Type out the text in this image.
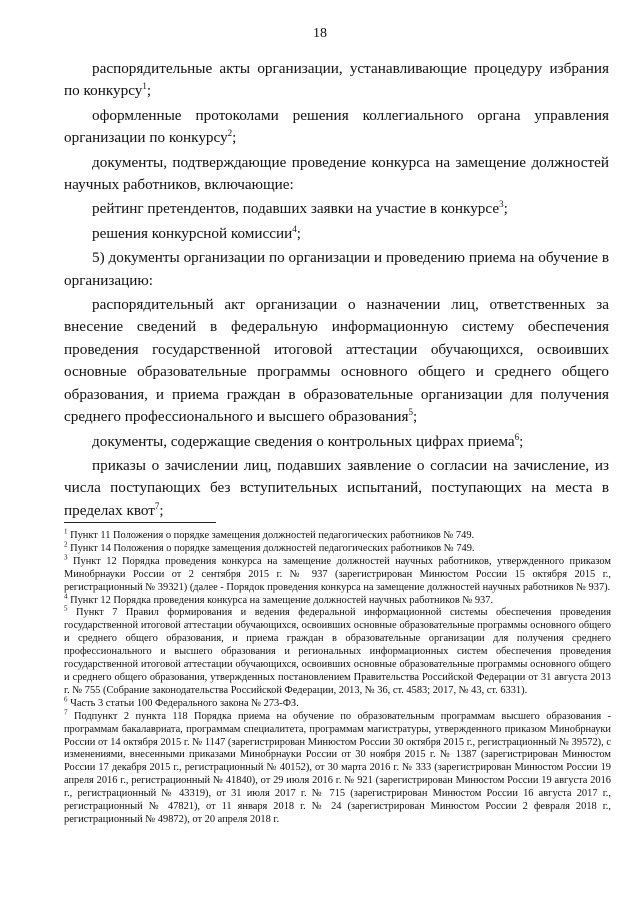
18

распорядительные акты организации, устанавливающие процедуру избрания по конкурсу$^1$;

оформленные протоколами решения коллегиального органа управления организации по конкурсу$^2$;

документы, подтверждающие проведение конкурса на замещение должностей научных работников, включающие:

рейтинг претендентов, подавших заявки на участие в конкурсе$^3$;

решения конкурсной комиссии$^4$;

5) документы организации по организации и проведению приема на обучение в организацию:

распорядительный акт организации о назначении лиц, ответственных за внесение сведений в федеральную информационную систему обеспечения проведения государственной итоговой аттестации обучающихся, освоивших основные образовательные программы основного общего и среднего общего образования, и приема граждан в образовательные организации для получения среднего профессионального и высшего образования$^5$;

документы, содержащие сведения о контрольных цифрах приема$^6$;

приказы о зачислении лиц, подавших заявление о согласии на зачисление, из числа поступающих без вступительных испытаний, поступающих на места в пределах квот$^7$;

$^1$ Пункт 11 Положения о порядке замещения должностей педагогических работников № 749.

$^2$ Пункт 14 Положения о порядке замещения должностей педагогических работников № 749.

$^3$ Пункт 12 Порядка проведения конкурса на замещение должностей научных работников, утвержденного приказом Минобрнауки России от 2 сентября 2015 г. № 937 (зарегистрирован Минюстом России 15 октября 2015 г., регистрационный № 39321) (далее - Порядок проведения конкурса на замещение должностей научных работников № 937).

$^4$ Пункт 12 Порядка проведения конкурса на замещение должностей научных работников № 937.

$^5$ Пункт 7 Правил формирования и ведения федеральной информационной системы обеспечения проведения государственной итоговой аттестации обучающихся, освоивших основные образовательные программы основного общего и среднего общего образования, и приема граждан в образовательные организации для получения среднего профессионального и высшего образования и региональных информационных систем обеспечения проведения государственной итоговой аттестации обучающихся, освоивших основные образовательные программы основного общего и среднего общего образования, утвержденных постановлением Правительства Российской Федерации от 31 августа 2013 г. № 755 (Собрание законодательства Российской Федерации, 2013, № 36, ст. 4583; 2017, № 43, ст. 6331).

$^6$ Часть 3 статьи 100 Федерального закона № 273-ФЗ.

$^7$ Подпункт 2 пункта 118 Порядка приема на обучение по образовательным программам высшего образования - программам бакалавриата, программам специалитета, программам магистратуры, утвержденного приказом Минобрнауки России от 14 октября 2015 г. № 1147 (зарегистрирован Минюстом России 30 октября 2015 г., регистрационный № 39572), с изменениями, внесенными приказами Минобрнауки России от 30 ноября 2015 г. № 1387 (зарегистрирован Минюстом России 17 декабря 2015 г., регистрационный № 40152), от 30 марта 2016 г. № 333 (зарегистрирован Минюстом России 19 апреля 2016 г., регистрационный № 41840), от 29 июля 2016 г. № 921 (зарегистрирован Минюстом России 19 августа 2016 г., регистрационный № 43319), от 31 июля 2017 г. № 715 (зарегистрирован Минюстом России 16 августа 2017 г., регистрационный № 47821), от 11 января 2018 г. № 24 (зарегистрирован Минюстом России 2 февраля 2018 г., регистрационный № 49872), от 20 апреля 2018 г.
